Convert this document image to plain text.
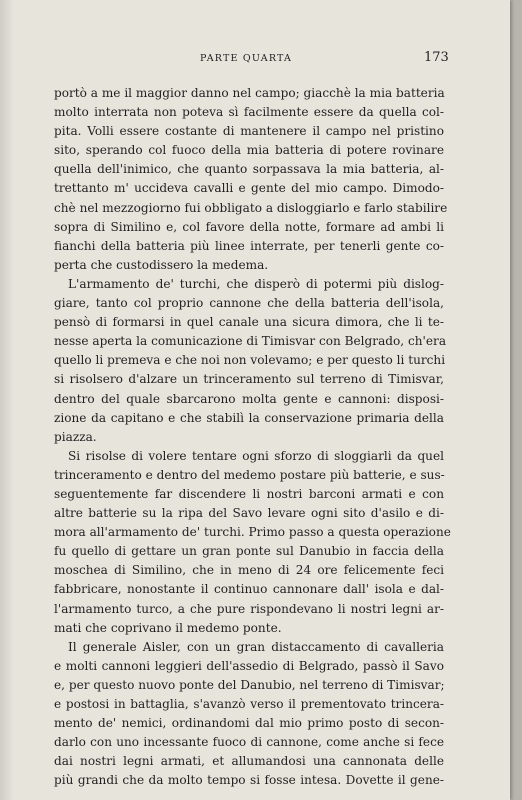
PARTE QUARTA	173
portò a me il maggior danno nel campo; giacchè la mia batteria
molto interrata non poteva sì facilmente essere da quella col-
pita. Volli essere costante di mantenere il campo nel pristino
sito, sperando col fuoco della mia batteria di potere rovinare
quella dell'inimico, che quanto sorpassava la mia batteria, al-
trettanto m' uccideva cavalli e gente del mio campo. Dimodo-
chè nel mezzogiorno fui obbligato a disloggiarlo e farlo stabilire
sopra di Similino e, col favore della notte, formare ad ambi li
fianchi della batteria più linee interrate, per tenerli gente co-
perta che custodissero la medema.
L'armamento de' turchi, che disperò di potermi più dislog-
giare, tanto col proprio cannone che della batteria dell'isola,
pensò di formarsi in quel canale una sicura dimora, che li te-
nesse aperta la comunicazione di Timisvar con Belgrado, ch'era
quello li premeva e che noi non volevamo; e per questo li turchi
si risolsero d'alzare un trinceramento sul terreno di Timisvar,
dentro del quale sbarcarono molta gente e cannoni: disposi-
zione da capitano e che stabilì la conservazione primaria della
piazza.
Si risolse di volere tentare ogni sforzo di sloggiarli da quel
trinceramento e dentro del medemo postare più batterie, e sus-
seguentemente far discendere li nostri barconi armati e con
altre batterie su la ripa del Savo levare ogni sito d'asilo e di-
mora all'armamento de' turchi. Primo passo a questa operazione
fu quello di gettare un gran ponte sul Danubio in faccia della
moschea di Similino, che in meno di 24 ore felicemente feci
fabbricare, nonostante il continuo cannonare dall' isola e dal-
l'armamento turco, a che pure rispondevano li nostri legni ar-
mati che coprivano il medemo ponte.
Il generale Aisler, con un gran distaccamento di cavalleria
e molti cannoni leggieri dell'assedio di Belgrado, passò il Savo
e, per questo nuovo ponte del Danubio, nel terreno di Timisvar;
e postosi in battaglia, s'avanzò verso il prementovato trincera-
mento de' nemici, ordinandomi dal mio primo posto di secon-
darlo con uno incessante fuoco di cannone, come anche si fece
dai nostri legni armati, et allumandosi una cannonata delle
più grandi che da molto tempo si fosse intesa. Dovette il gene-
